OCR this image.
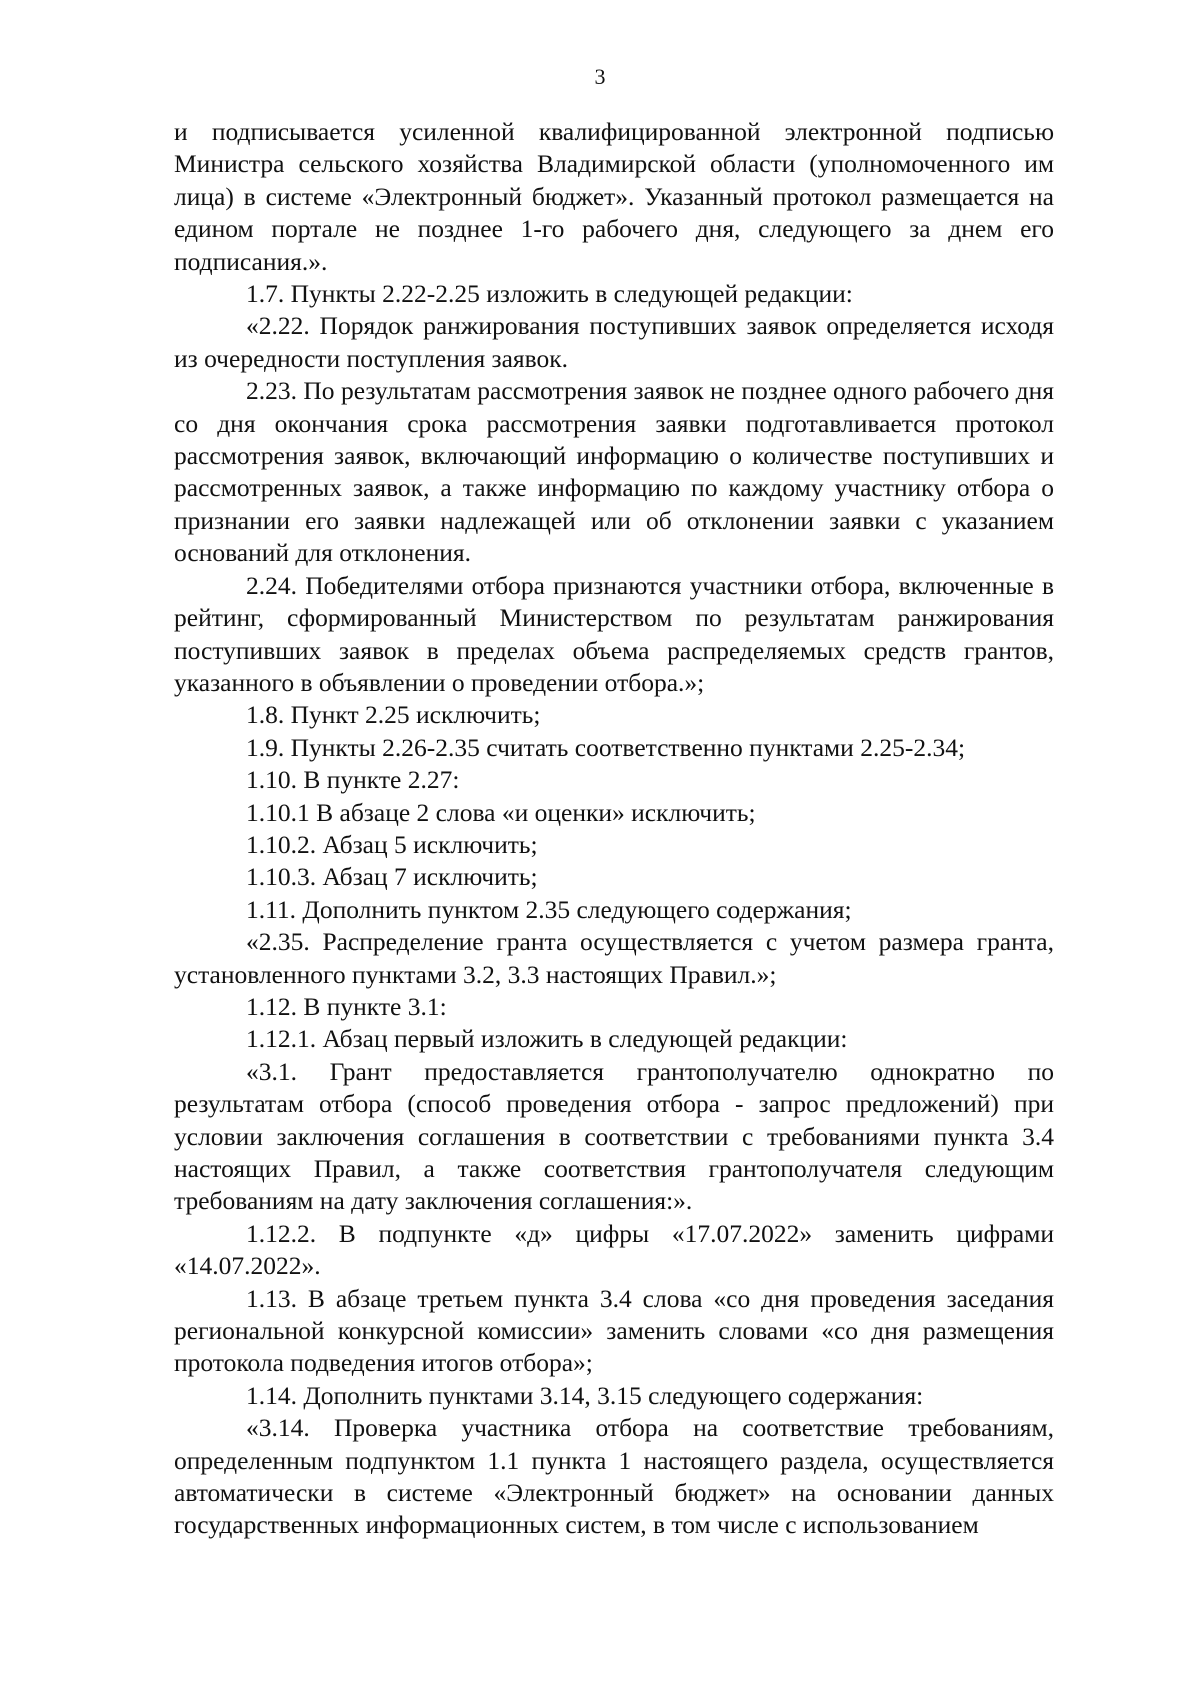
3

и подписывается усиленной квалифицированной электронной подписью Министра сельского хозяйства Владимирской области (уполномоченного им лица) в системе «Электронный бюджет». Указанный протокол размещается на едином портале не позднее 1-го рабочего дня, следующего за днем его подписания.».

1.7. Пункты 2.22-2.25 изложить в следующей редакции:

«2.22. Порядок ранжирования поступивших заявок определяется исходя из очередности поступления заявок.

2.23. По результатам рассмотрения заявок не позднее одного рабочего дня со дня окончания срока рассмотрения заявки подготавливается протокол рассмотрения заявок, включающий информацию о количестве поступивших и рассмотренных заявок, а также информацию по каждому участнику отбора о признании его заявки надлежащей или об отклонении заявки с указанием оснований для отклонения.

2.24. Победителями отбора признаются участники отбора, включенные в рейтинг, сформированный Министерством по результатам ранжирования поступивших заявок в пределах объема распределяемых средств грантов, указанного в объявлении о проведении отбора.»;

1.8. Пункт 2.25 исключить;

1.9. Пункты 2.26-2.35 считать соответственно пунктами 2.25-2.34;

1.10. В пункте 2.27:

1.10.1 В абзаце 2 слова «и оценки» исключить;

1.10.2. Абзац 5 исключить;

1.10.3. Абзац 7 исключить;

1.11. Дополнить пунктом 2.35 следующего содержания;

«2.35. Распределение гранта осуществляется с учетом размера гранта, установленного пунктами 3.2, 3.3 настоящих Правил.»;

1.12. В пункте 3.1:

1.12.1. Абзац первый изложить в следующей редакции:

«3.1. Грант предоставляется грантополучателю однократно по результатам отбора (способ проведения отбора - запрос предложений) при условии заключения соглашения в соответствии с требованиями пункта 3.4 настоящих Правил, а также соответствия грантополучателя следующим требованиям на дату заключения соглашения:».

1.12.2. В подпункте «д» цифры «17.07.2022» заменить цифрами «14.07.2022».

1.13. В абзаце третьем пункта 3.4 слова «со дня проведения заседания региональной конкурсной комиссии» заменить словами «со дня размещения протокола подведения итогов отбора»;

1.14. Дополнить пунктами 3.14, 3.15 следующего содержания:

«3.14. Проверка участника отбора на соответствие требованиям, определенным подпунктом 1.1 пункта 1 настоящего раздела, осуществляется автоматически в системе «Электронный бюджет» на основании данных государственных информационных систем, в том числе с использованием
